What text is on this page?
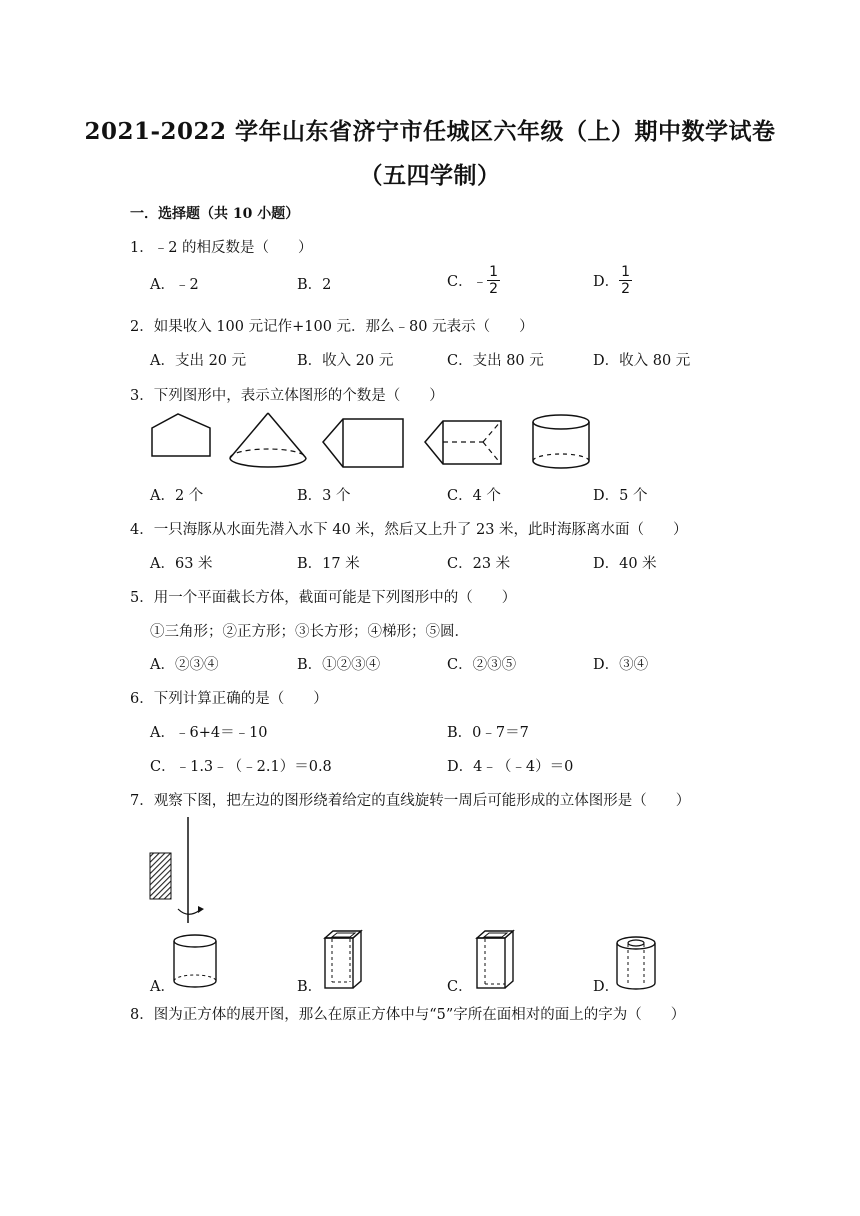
2021-2022 学年山东省济宁市任城区六年级（上）期中数学试卷
（五四学制）
一．选择题（共 10 小题）
1．﹣2 的相反数是（　　）
A．﹣2	B．2	C．﹣ $\frac{1}{2}$	D． $\frac{1}{2}$
2．如果收入 100 元记作+100 元．那么﹣80 元表示（　　）
A．支出 20 元	B．收入 20 元	C．支出 80 元	D．收入 80 元
3．下列图形中，表示立体图形的个数是（　　）
A．2 个	B．3 个	C．4 个	D．5 个
4．一只海豚从水面先潜入水下 40 米，然后又上升了 23 米，此时海豚离水面（　　）
A．63 米	B．17 米	C．23 米	D．40 米
5．用一个平面截长方体，截面可能是下列图形中的（　　）
①三角形；②正方形；③长方形；④梯形；⑤圆．
A．②③④	B．①②③④	C．②③⑤	D．③④
6．下列计算正确的是（　　）
A．﹣6+4＝﹣10	B．0﹣7＝7
C．﹣1.3﹣（﹣2.1）＝0.8	D．4﹣（﹣4）＝0
7．观察下图，把左边的图形绕着给定的直线旋转一周后可能形成的立体图形是（　　）
A．	B．	C．	D．
8．图为正方体的展开图，那么在原正方体中与“5”字所在面相对的面上的字为（　　）
